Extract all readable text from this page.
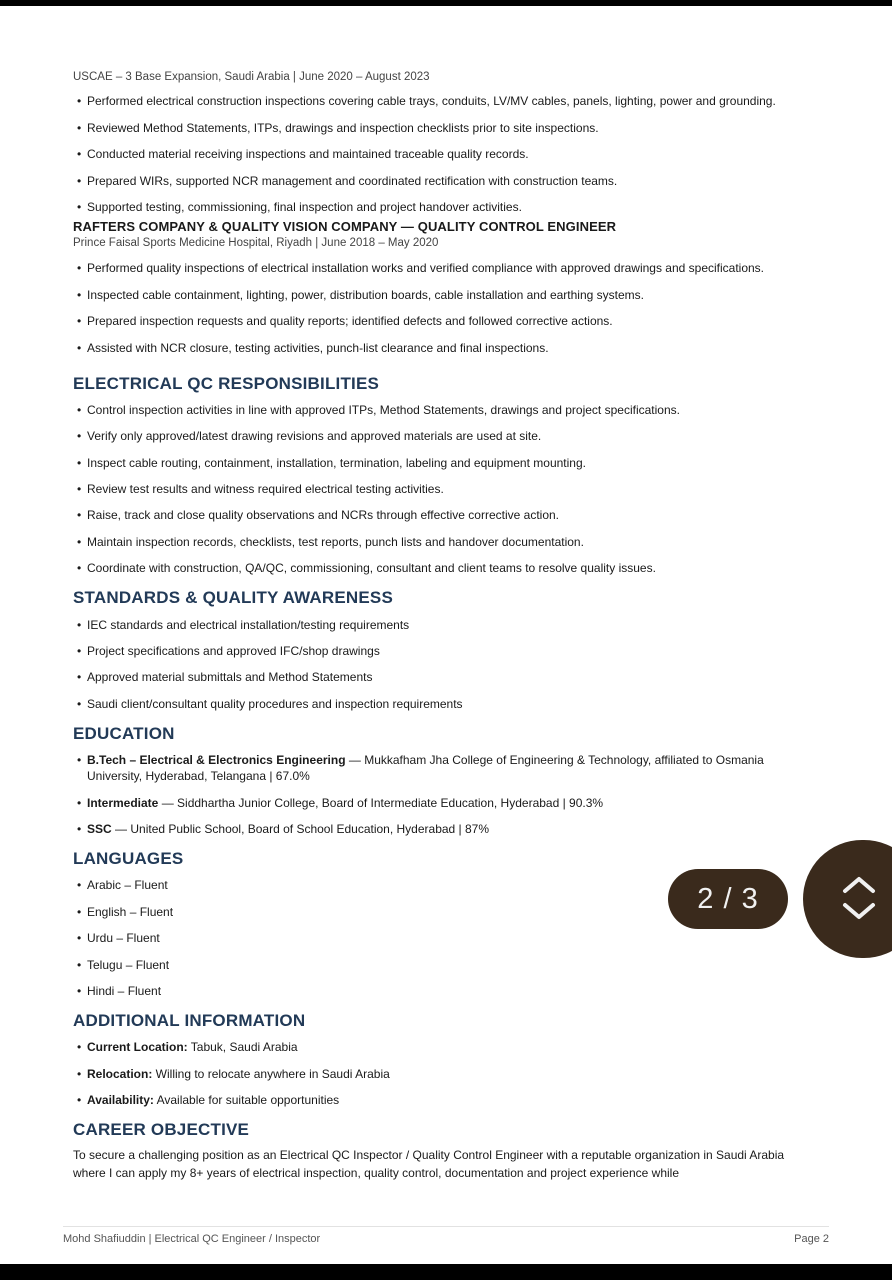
USCAE – 3 Base Expansion, Saudi Arabia | June 2020 – August 2023
• Performed electrical construction inspections covering cable trays, conduits, LV/MV cables, panels, lighting, power and grounding.
• Reviewed Method Statements, ITPs, drawings and inspection checklists prior to site inspections.
• Conducted material receiving inspections and maintained traceable quality records.
• Prepared WIRs, supported NCR management and coordinated rectification with construction teams.
• Supported testing, commissioning, final inspection and project handover activities.
RAFTERS COMPANY & QUALITY VISION COMPANY — QUALITY CONTROL ENGINEER
Prince Faisal Sports Medicine Hospital, Riyadh | June 2018 – May 2020
• Performed quality inspections of electrical installation works and verified compliance with approved drawings and specifications.
• Inspected cable containment, lighting, power, distribution boards, cable installation and earthing systems.
• Prepared inspection requests and quality reports; identified defects and followed corrective actions.
• Assisted with NCR closure, testing activities, punch-list clearance and final inspections.
ELECTRICAL QC RESPONSIBILITIES
• Control inspection activities in line with approved ITPs, Method Statements, drawings and project specifications.
• Verify only approved/latest drawing revisions and approved materials are used at site.
• Inspect cable routing, containment, installation, termination, labeling and equipment mounting.
• Review test results and witness required electrical testing activities.
• Raise, track and close quality observations and NCRs through effective corrective action.
• Maintain inspection records, checklists, test reports, punch lists and handover documentation.
• Coordinate with construction, QA/QC, commissioning, consultant and client teams to resolve quality issues.
STANDARDS & QUALITY AWARENESS
• IEC standards and electrical installation/testing requirements
• Project specifications and approved IFC/shop drawings
• Approved material submittals and Method Statements
• Saudi client/consultant quality procedures and inspection requirements
EDUCATION
• B.Tech – Electrical & Electronics Engineering — Mukkafham Jha College of Engineering & Technology, affiliated to Osmania University, Hyderabad, Telangana | 67.0%
• Intermediate — Siddhartha Junior College, Board of Intermediate Education, Hyderabad | 90.3%
• SSC — United Public School, Board of School Education, Hyderabad | 87%
LANGUAGES
• Arabic – Fluent
• English – Fluent
• Urdu – Fluent
• Telugu – Fluent
• Hindi – Fluent
ADDITIONAL INFORMATION
• Current Location: Tabuk, Saudi Arabia
• Relocation: Willing to relocate anywhere in Saudi Arabia
• Availability: Available for suitable opportunities
CAREER OBJECTIVE

To secure a challenging position as an Electrical QC Inspector / Quality Control Engineer with a reputable organization in Saudi Arabia where I can apply my 8+ years of electrical inspection, quality control, documentation and project experience while

Mohd Shafiuddin | Electrical QC Engineer / Inspector	Page 2
2 / 3
